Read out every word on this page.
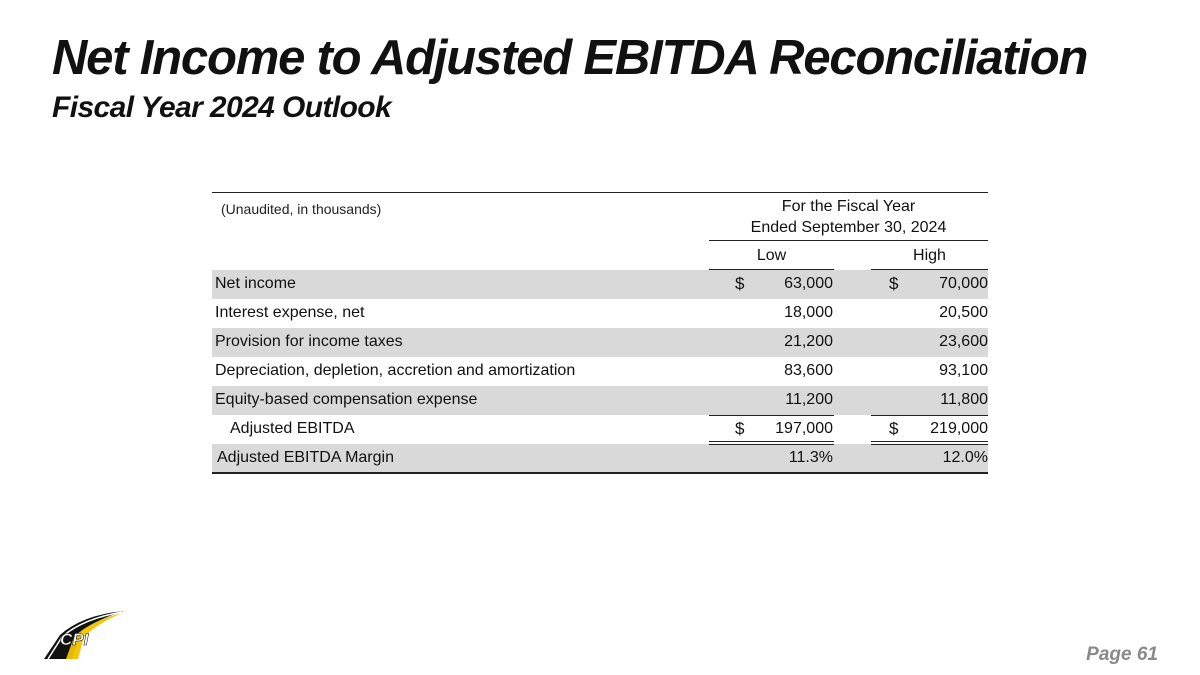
Net Income to Adjusted EBITDA Reconciliation
Fiscal Year 2024 Outlook
(Unaudited, in thousands)	For the Fiscal Year
Ended September 30, 2024
Low	High
Net income	$ 63,000	$	70,000
Interest expense, net	18,000	20,500
Provision for income taxes	21,200	23,600
Depreciation, depletion, accretion and amortization	83,600	93,100
Equity-based compensation expense	11,200	11,800
Adjusted EBITDA	$ 197,000	$ 219,000
Adjusted EBITDA Margin	11.3%	12.0%
CPI
Page 61
